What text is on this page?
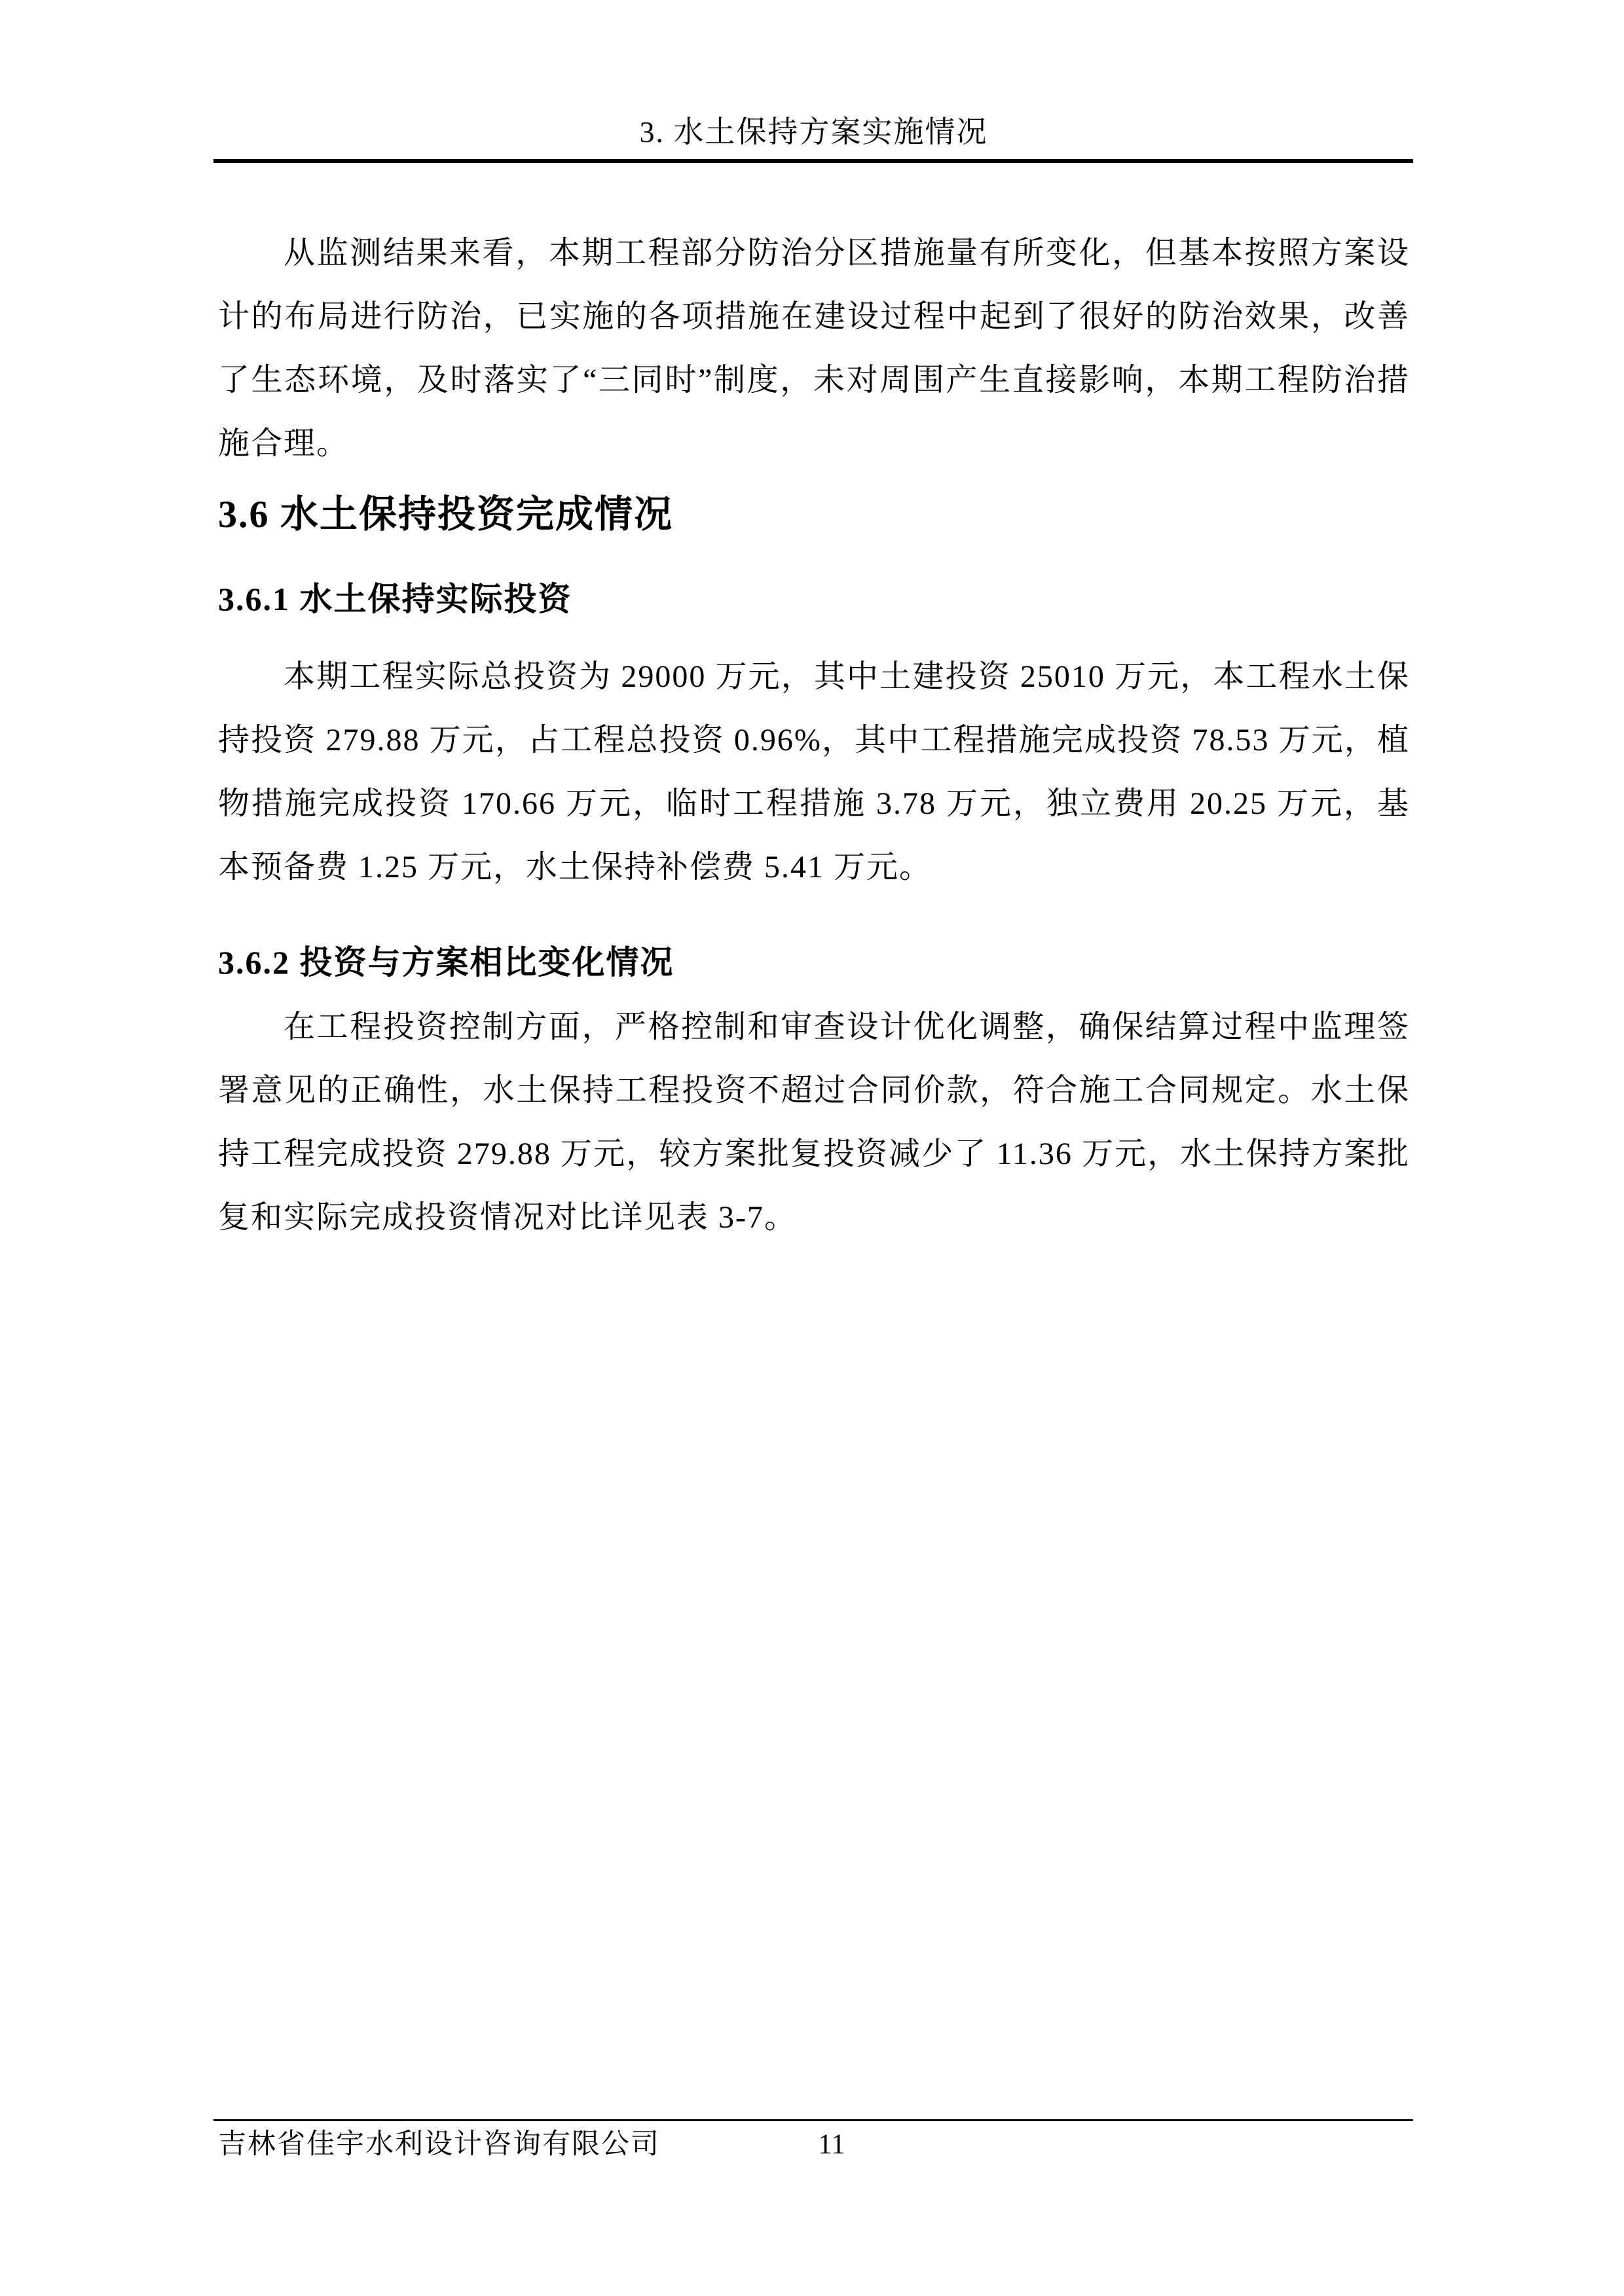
3. 水土保持方案实施情况

从监测结果来看，本期工程部分防治分区措施量有所变化，但基本按照方案设计的布局进行防治，已实施的各项措施在建设过程中起到了很好的防治效果，改善了生态环境，及时落实了“三同时”制度，未对周围产生直接影响，本期工程防治措施合理。

3.6 水土保持投资完成情况
3.6.1 水土保持实际投资

本期工程实际总投资为 29000 万元，其中土建投资 25010 万元，本工程水土保持投资 279.88 万元，占工程总投资 0.96%，其中工程措施完成投资 78.53 万元，植物措施完成投资 170.66 万元，临时工程措施 3.78 万元，独立费用 20.25 万元，基本预备费 1.25 万元，水土保持补偿费 5.41 万元。

3.6.2 投资与方案相比变化情况

在工程投资控制方面，严格控制和审查设计优化调整，确保结算过程中监理签署意见的正确性，水土保持工程投资不超过合同价款，符合施工合同规定。水土保持工程完成投资 279.88 万元，较方案批复投资减少了 11.36 万元，水土保持方案批复和实际完成投资情况对比详见表 3-7。

吉林省佳宇水利设计咨询有限公司	11
